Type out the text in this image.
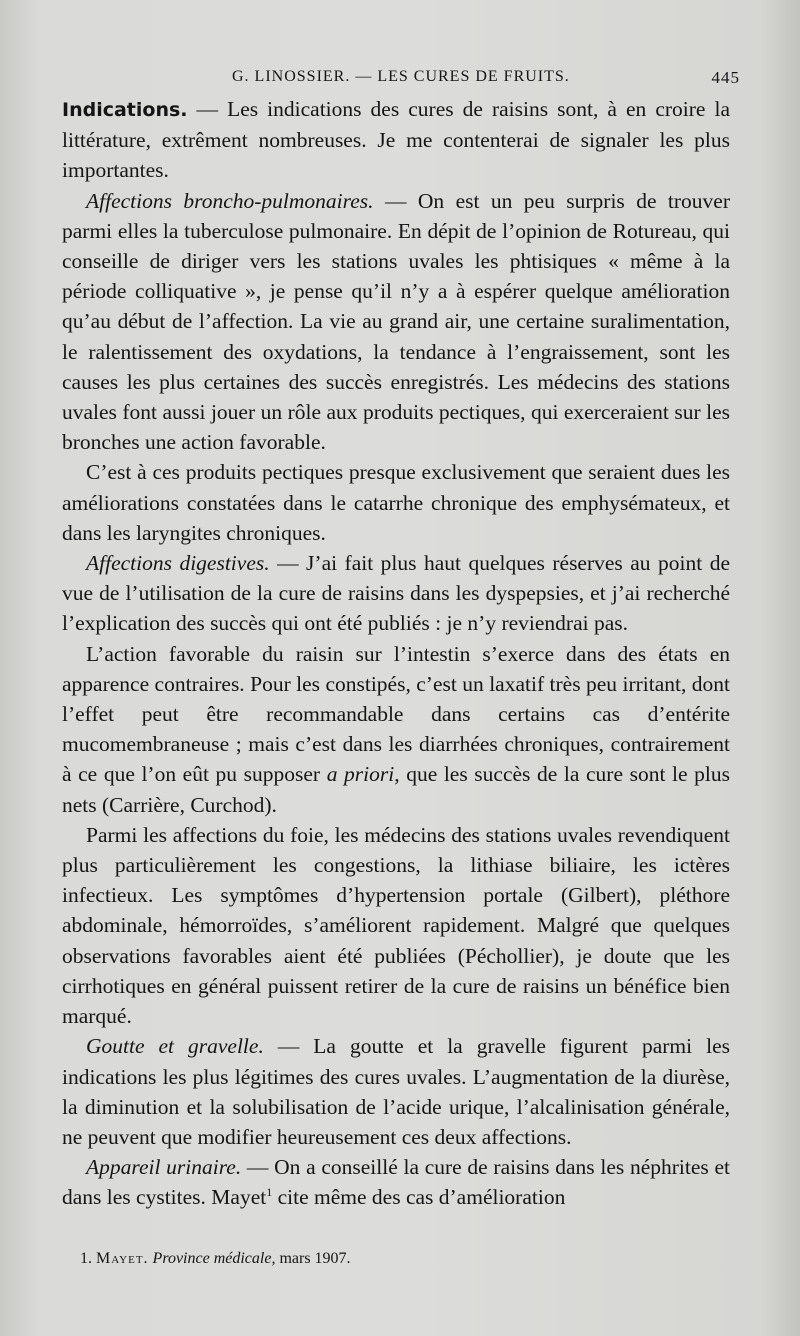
G. LINOSSIER. — LES CURES DE FRUITS.	445

Indications. — Les indications des cures de raisins sont, à en croire la littérature, extrêment nombreuses. Je me contenterai de signaler les plus importantes.

Affections broncho-pulmonaires. — On est un peu surpris de trouver parmi elles la tuberculose pulmonaire. En dépit de l’opinion de Rotureau, qui conseille de diriger vers les stations uvales les phtisiques « même à la période colliquative », je pense qu’il n’y a à espérer quelque amélioration qu’au début de l’affection. La vie au grand air, une certaine suralimentation, le ralentissement des oxydations, la tendance à l’engraissement, sont les causes les plus certaines des succès enregistrés. Les médecins des stations uvales font aussi jouer un rôle aux produits pectiques, qui exerceraient sur les bronches une action favorable.

C’est à ces produits pectiques presque exclusivement que seraient dues les améliorations constatées dans le catarrhe chronique des emphysémateux, et dans les laryngites chroniques.

Affections digestives. — J’ai fait plus haut quelques réserves au point de vue de l’utilisation de la cure de raisins dans les dyspepsies, et j’ai recherché l’explication des succès qui ont été publiés : je n’y reviendrai pas.

L’action favorable du raisin sur l’intestin s’exerce dans des états en apparence contraires. Pour les constipés, c’est un laxatif très peu irritant, dont l’effet peut être recommandable dans certains cas d’entérite mucomembraneuse ; mais c’est dans les diarrhées chroniques, contrairement à ce que l’on eût pu supposer a priori, que les succès de la cure sont le plus nets (Carrière, Curchod).

Parmi les affections du foie, les médecins des stations uvales revendiquent plus particulièrement les congestions, la lithiase biliaire, les ictères infectieux. Les symptômes d’hypertension portale (Gilbert), pléthore abdominale, hémorroïdes, s’améliorent rapidement. Malgré que quelques observations favorables aient été publiées (Péchollier), je doute que les cirrhotiques en général puissent retirer de la cure de raisins un bénéfice bien marqué.

Goutte et gravelle. — La goutte et la gravelle figurent parmi les indications les plus légitimes des cures uvales. L’augmentation de la diurèse, la diminution et la solubilisation de l’acide urique, l’alcalinisation générale, ne peuvent que modifier heureusement ces deux affections.

Appareil urinaire. — On a conseillé la cure de raisins dans les néphrites et dans les cystites. Mayet$^1$ cite même des cas d’amélioration

1. Mayet. Province médicale, mars 1907.
